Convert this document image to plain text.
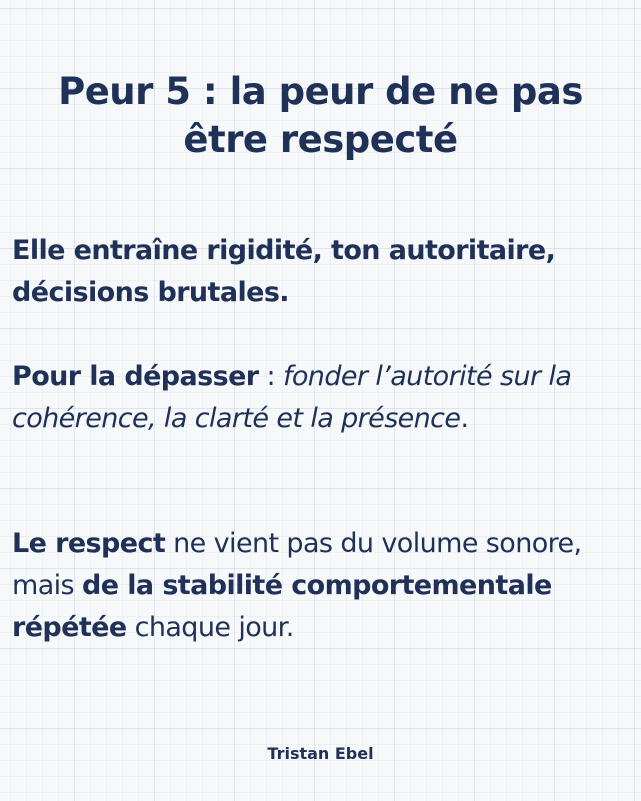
Peur 5 : la peur de ne pas être respecté

Elle entraîne rigidité, ton autoritaire, décisions brutales.

Pour la dépasser : fonder l’autorité sur la cohérence, la clarté et la présence.

Le respect ne vient pas du volume sonore, mais de la stabilité comportementale répétée chaque jour.

Tristan Ebel
